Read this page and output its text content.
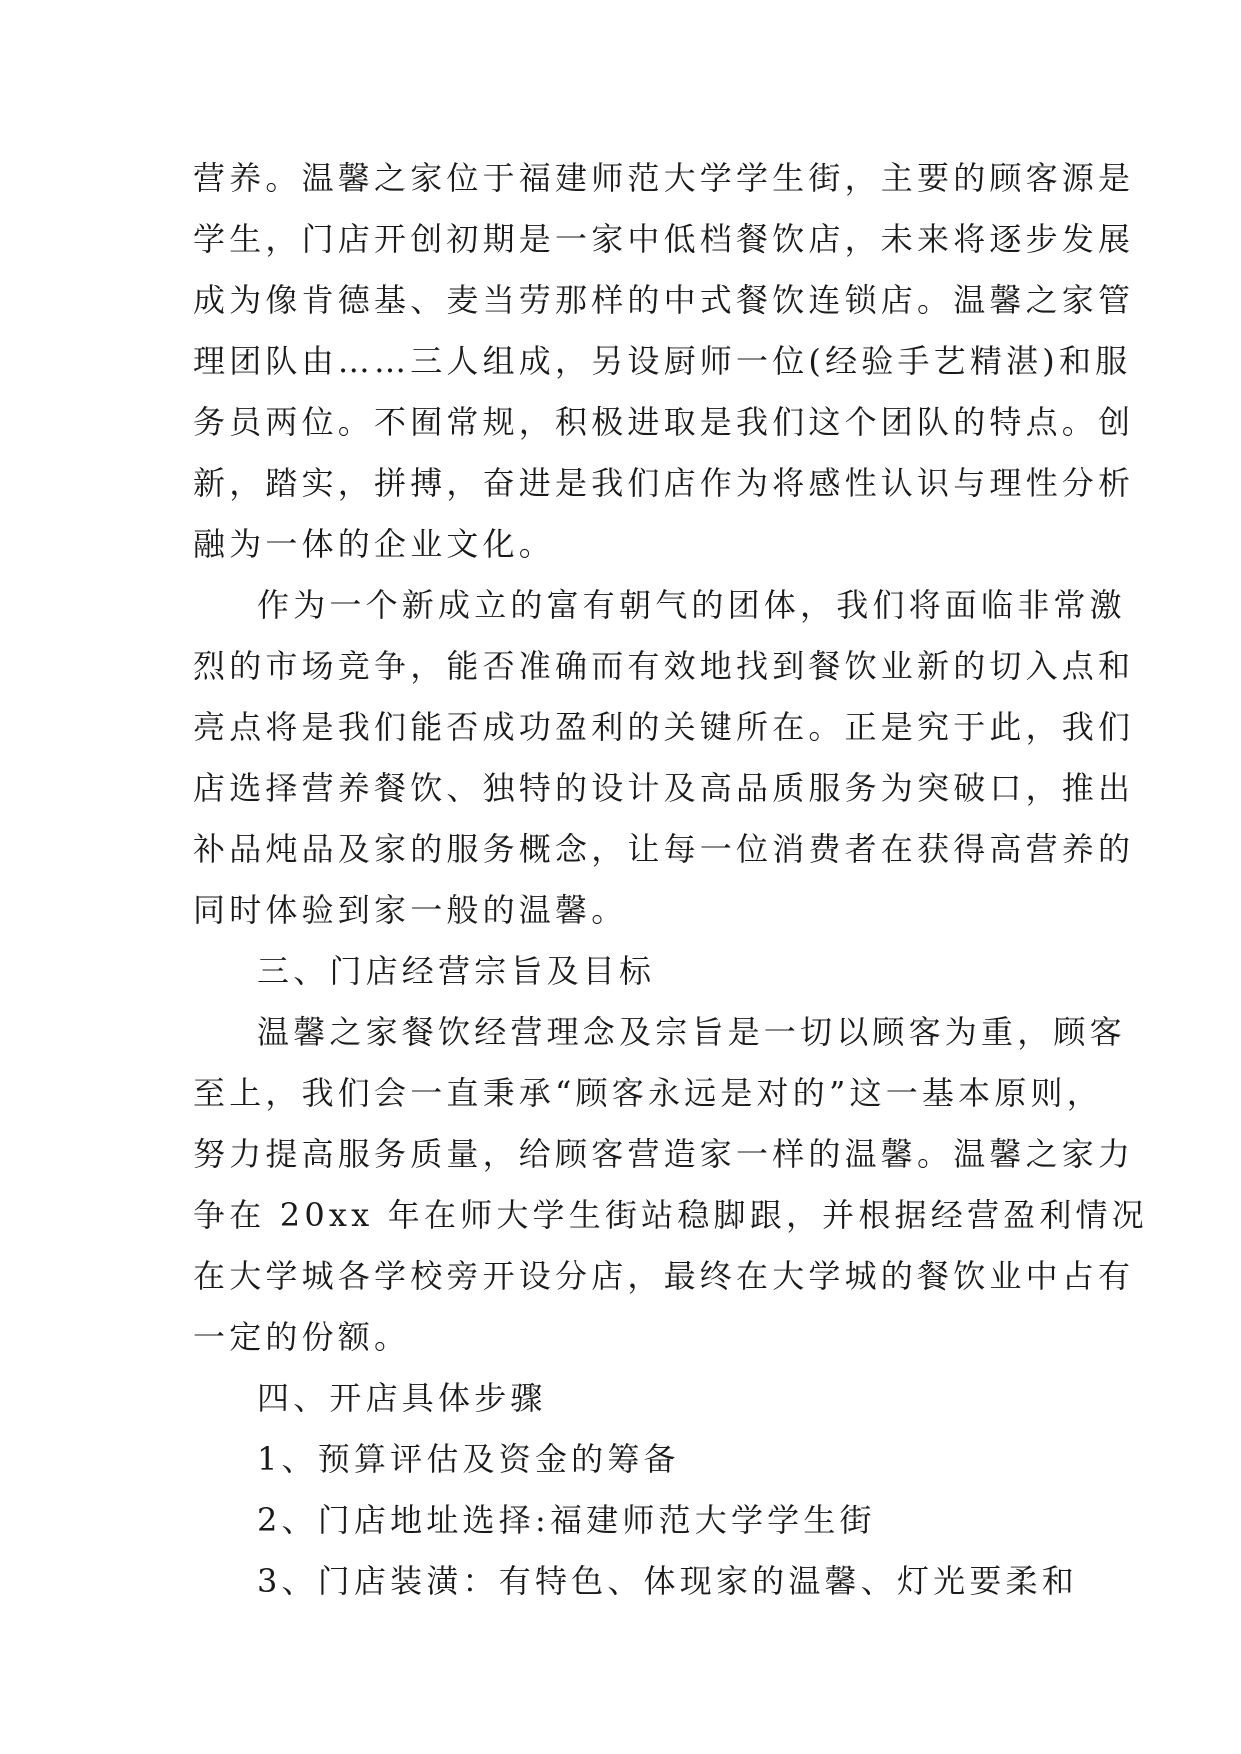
营养。温馨之家位于福建师范大学学生街，主要的顾客源是
学生，门店开创初期是一家中低档餐饮店，未来将逐步发展
成为像肯德基、麦当劳那样的中式餐饮连锁店。温馨之家管
理团队由……三人组成，另设厨师一位(经验手艺精湛)和服
务员两位。不囿常规，积极进取是我们这个团队的特点。创
新，踏实，拼搏，奋进是我们店作为将感性认识与理性分析
融为一体的企业文化。
作为一个新成立的富有朝气的团体，我们将面临非常激
烈的市场竞争，能否准确而有效地找到餐饮业新的切入点和
亮点将是我们能否成功盈利的关键所在。正是究于此，我们
店选择营养餐饮、独特的设计及高品质服务为突破口，推出
补品炖品及家的服务概念，让每一位消费者在获得高营养的
同时体验到家一般的温馨。
三、门店经营宗旨及目标
温馨之家餐饮经营理念及宗旨是一切以顾客为重，顾客
至上，我们会一直秉承“顾客永远是对的”这一基本原则，
努力提高服务质量，给顾客营造家一样的温馨。温馨之家力
争在 20xx 年在师大学生街站稳脚跟，并根据经营盈利情况
在大学城各学校旁开设分店，最终在大学城的餐饮业中占有
一定的份额。
四、开店具体步骤
1、预算评估及资金的筹备
2、门店地址选择:福建师范大学学生街
3、门店装潢：有特色、体现家的温馨、灯光要柔和
